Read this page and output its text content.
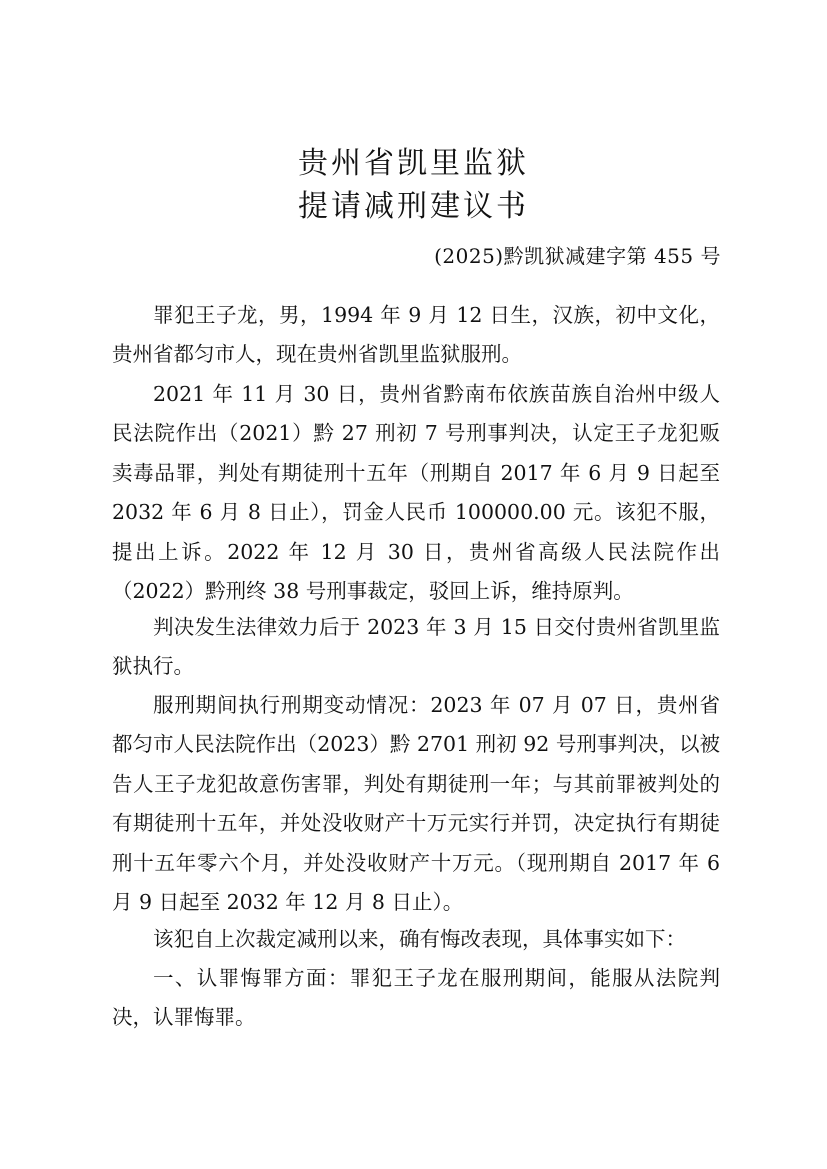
贵州省凯里监狱
提请减刑建议书
(2025)黔凯狱减建字第 455 号

罪犯王子龙，男，1994 年 9 月 12 日生，汉族，初中文化，贵州省都匀市人，现在贵州省凯里监狱服刑。

2021 年 11 月 30 日，贵州省黔南布依族苗族自治州中级人民法院作出（2021）黔 27 刑初 7 号刑事判决，认定王子龙犯贩卖毒品罪，判处有期徒刑十五年（刑期自 2017 年 6 月 9 日起至 2032 年 6 月 8 日止），罚金人民币 100000.00 元。该犯不服，提出上诉。2022 年 12 月 30 日，贵州省高级人民法院作出（2022）黔刑终 38 号刑事裁定，驳回上诉，维持原判。

判决发生法律效力后于 2023 年 3 月 15 日交付贵州省凯里监狱执行。

服刑期间执行刑期变动情况：2023 年 07 月 07 日，贵州省都匀市人民法院作出（2023）黔 2701 刑初 92 号刑事判决，以被告人王子龙犯故意伤害罪，判处有期徒刑一年；与其前罪被判处的有期徒刑十五年，并处没收财产十万元实行并罚，决定执行有期徒刑十五年零六个月，并处没收财产十万元。（现刑期自 2017 年 6 月 9 日起至 2032 年 12 月 8 日止）。

该犯自上次裁定减刑以来，确有悔改表现，具体事实如下：

一、认罪悔罪方面：罪犯王子龙在服刑期间，能服从法院判决，认罪悔罪。
